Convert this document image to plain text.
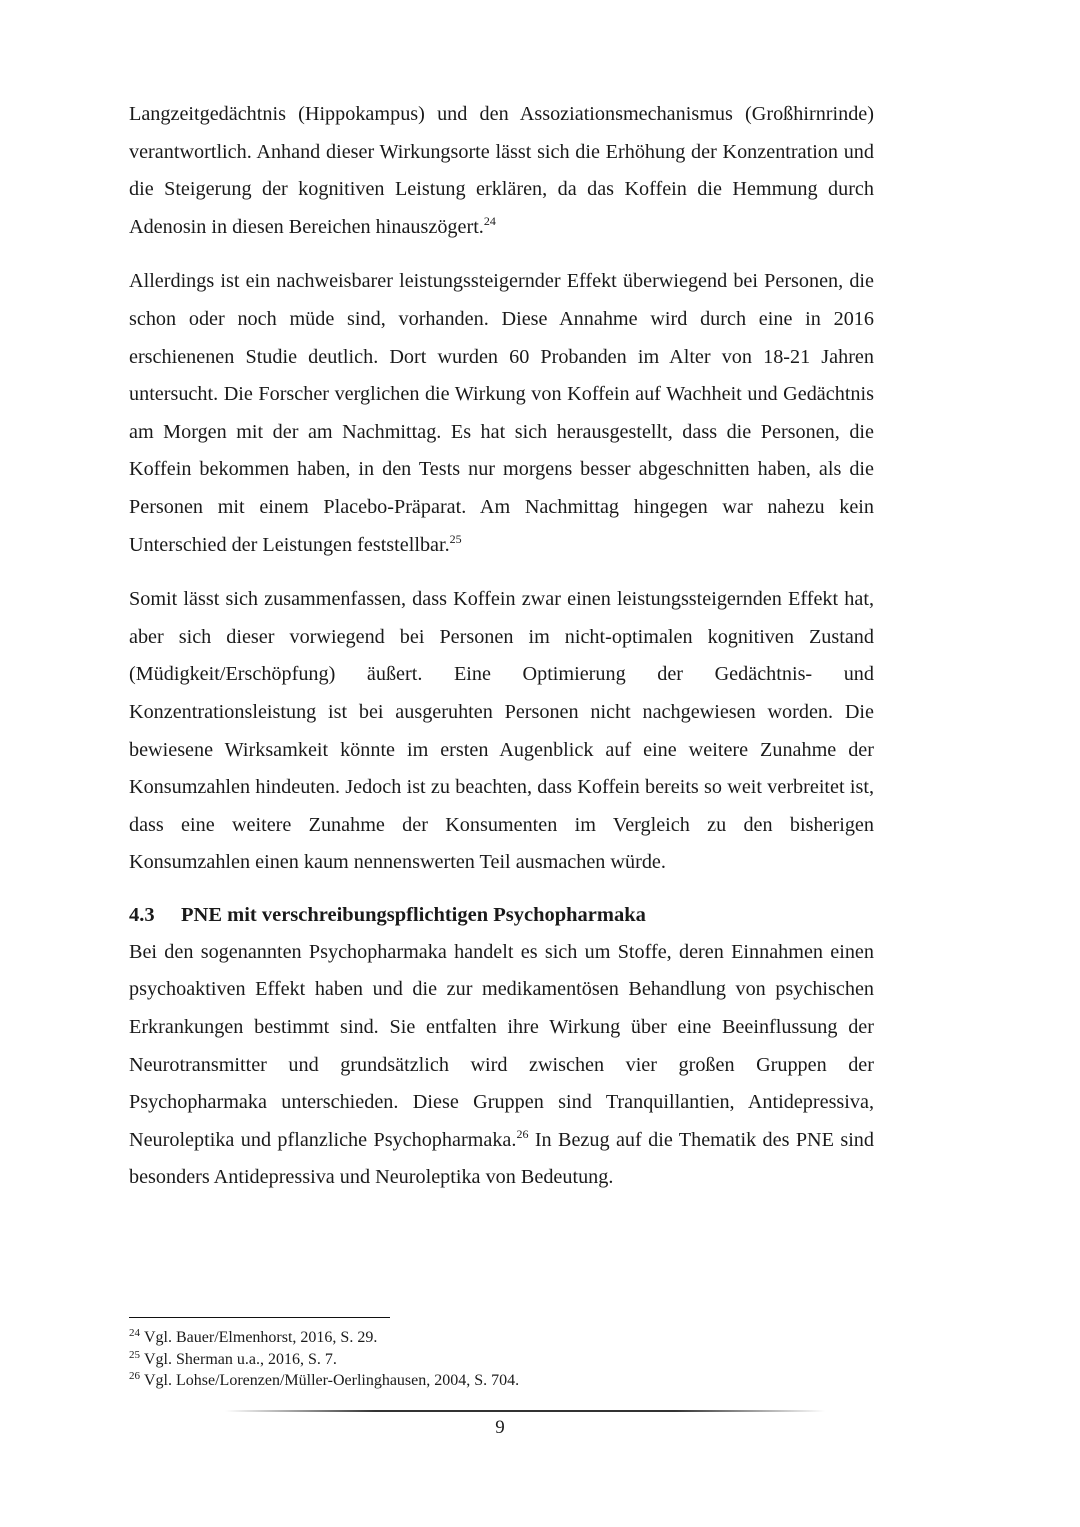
Langzeitgedächtnis (Hippokampus) und den Assoziationsmechanismus (Großhirnrinde) verantwortlich. Anhand dieser Wirkungsorte lässt sich die Erhöhung der Konzentration und die Steigerung der kognitiven Leistung erklären, da das Koffein die Hemmung durch Adenosin in diesen Bereichen hinauszögert.$^{24}$

Allerdings ist ein nachweisbarer leistungssteigernder Effekt überwiegend bei Personen, die schon oder noch müde sind, vorhanden. Diese Annahme wird durch eine in 2016 erschienenen Studie deutlich. Dort wurden 60 Probanden im Alter von 18-21 Jahren untersucht. Die Forscher verglichen die Wirkung von Koffein auf Wachheit und Gedächtnis am Morgen mit der am Nachmittag. Es hat sich herausgestellt, dass die Personen, die Koffein bekommen haben, in den Tests nur morgens besser abgeschnitten haben, als die Personen mit einem Placebo-Präparat. Am Nachmittag hingegen war nahezu kein Unterschied der Leistungen feststellbar.$^{25}$

Somit lässt sich zusammenfassen, dass Koffein zwar einen leistungssteigernden Effekt hat, aber sich dieser vorwiegend bei Personen im nicht-optimalen kognitiven Zustand (Müdigkeit/Erschöpfung) äußert. Eine Optimierung der Gedächtnis- und Konzentrationsleistung ist bei ausgeruhten Personen nicht nachgewiesen worden. Die bewiesene Wirksamkeit könnte im ersten Augenblick auf eine weitere Zunahme der Konsumzahlen hindeuten. Jedoch ist zu beachten, dass Koffein bereits so weit verbreitet ist, dass eine weitere Zunahme der Konsumenten im Vergleich zu den bisherigen Konsumzahlen einen kaum nennenswerten Teil ausmachen würde.

4.3 PNE mit verschreibungspflichtigen Psychopharmaka

Bei den sogenannten Psychopharmaka handelt es sich um Stoffe, deren Einnahmen einen psychoaktiven Effekt haben und die zur medikamentösen Behandlung von psychischen Erkrankungen bestimmt sind. Sie entfalten ihre Wirkung über eine Beeinflussung der Neurotransmitter und grundsätzlich wird zwischen vier großen Gruppen der Psychopharmaka unterschieden. Diese Gruppen sind Tranquillantien, Antidepressiva, Neuroleptika und pflanzliche Psychopharmaka.$^{26}$ In Bezug auf die Thematik des PNE sind besonders Antidepressiva und Neuroleptika von Bedeutung.

$^{24}$ Vgl. Bauer/Elmenhorst, 2016, S. 29.
$^{25}$ Vgl. Sherman u.a., 2016, S. 7.
$^{26}$ Vgl. Lohse/Lorenzen/Müller-Oerlinghausen, 2004, S. 704.
9
